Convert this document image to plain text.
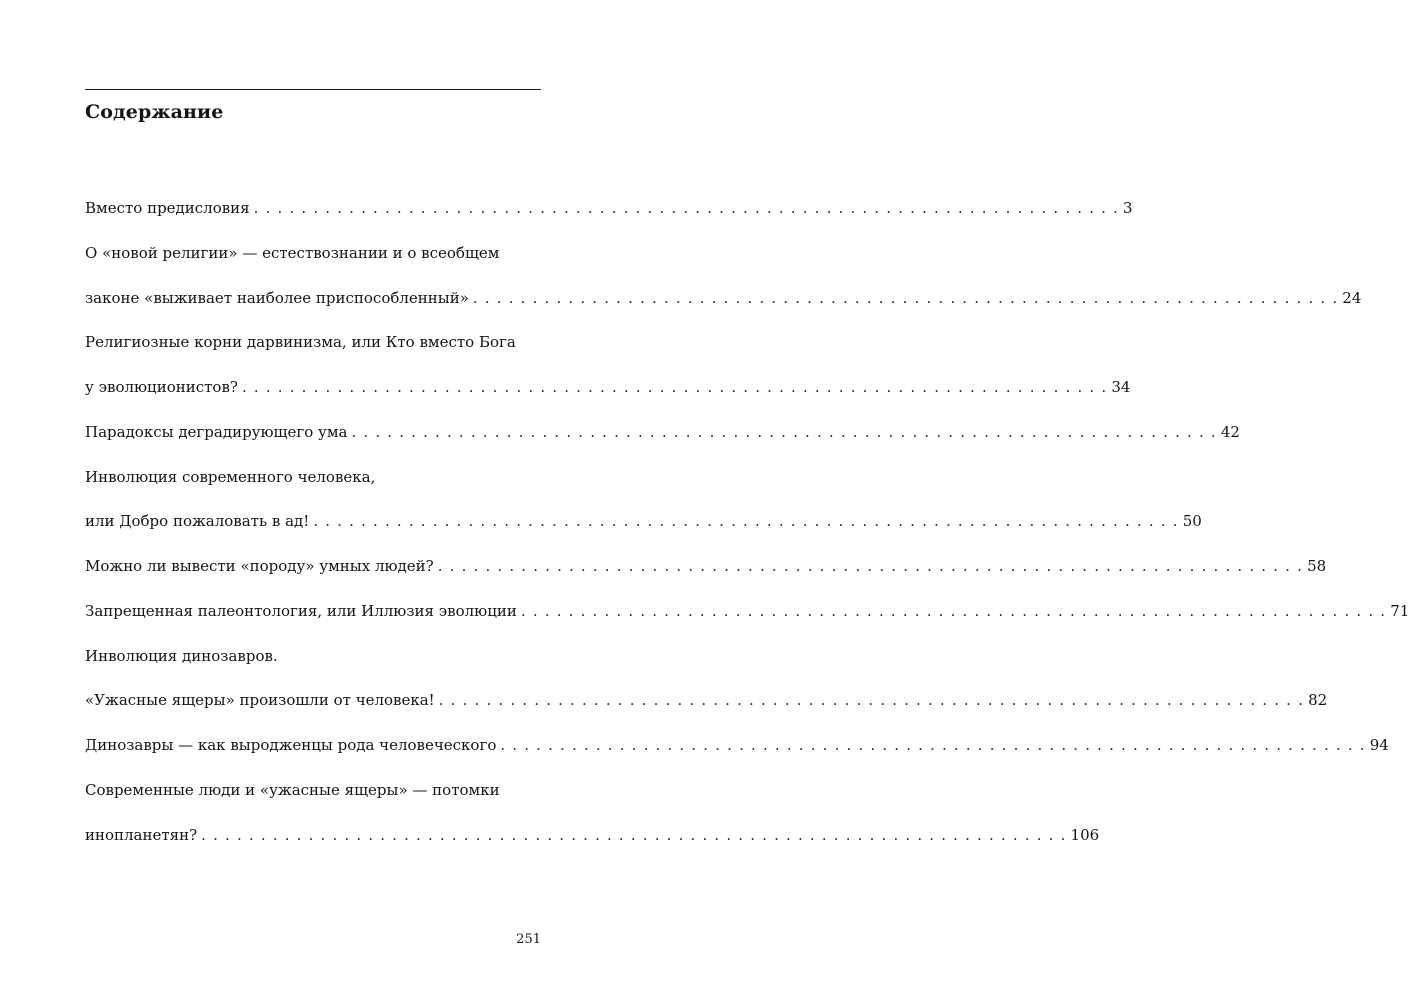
Содержание
Вместо предисловия . . . . . . . . . . . . . . . . . . . . . . . . . . . . . . . . . . . . . . . . . . . . . . . . . . . . . . . . . . . . . . . . . . . . . . . . . 3
О «новой религии» — естествознании и о всеобщем
законе «выживает наиболее приспособленный» . . . . . . . . . . . . . . . . . . . . . . . . . . . . . . . . . . . . . . . . . . . . . . . . . . . . . . . . . . . . . . . . . . . . . . . . . 24
Религиозные корни дарвинизма, или Кто вместо Бога
у эволюционистов? . . . . . . . . . . . . . . . . . . . . . . . . . . . . . . . . . . . . . . . . . . . . . . . . . . . . . . . . . . . . . . . . . . . . . . . . . 34
Парадоксы деградирующего ума . . . . . . . . . . . . . . . . . . . . . . . . . . . . . . . . . . . . . . . . . . . . . . . . . . . . . . . . . . . . . . . . . . . . . . . . . 42
Инволюция современного человека,
или Добро пожаловать в ад! . . . . . . . . . . . . . . . . . . . . . . . . . . . . . . . . . . . . . . . . . . . . . . . . . . . . . . . . . . . . . . . . . . . . . . . . . 50
Можно ли вывести «породу» умных людей? . . . . . . . . . . . . . . . . . . . . . . . . . . . . . . . . . . . . . . . . . . . . . . . . . . . . . . . . . . . . . . . . . . . . . . . . . 58
Запрещенная палеонтология, или Иллюзия эволюции . . . . . . . . . . . . . . . . . . . . . . . . . . . . . . . . . . . . . . . . . . . . . . . . . . . . . . . . . . . . . . . . . . . . . . . . . 71
Инволюция динозавров.
«Ужасные ящеры» произошли от человека! . . . . . . . . . . . . . . . . . . . . . . . . . . . . . . . . . . . . . . . . . . . . . . . . . . . . . . . . . . . . . . . . . . . . . . . . . 82
Динозавры — как выродженцы рода человеческого . . . . . . . . . . . . . . . . . . . . . . . . . . . . . . . . . . . . . . . . . . . . . . . . . . . . . . . . . . . . . . . . . . . . . . . . . 94
Современные люди и «ужасные ящеры» — потомки
инопланетян? . . . . . . . . . . . . . . . . . . . . . . . . . . . . . . . . . . . . . . . . . . . . . . . . . . . . . . . . . . . . . . . . . . . . . . . . . 106
251
